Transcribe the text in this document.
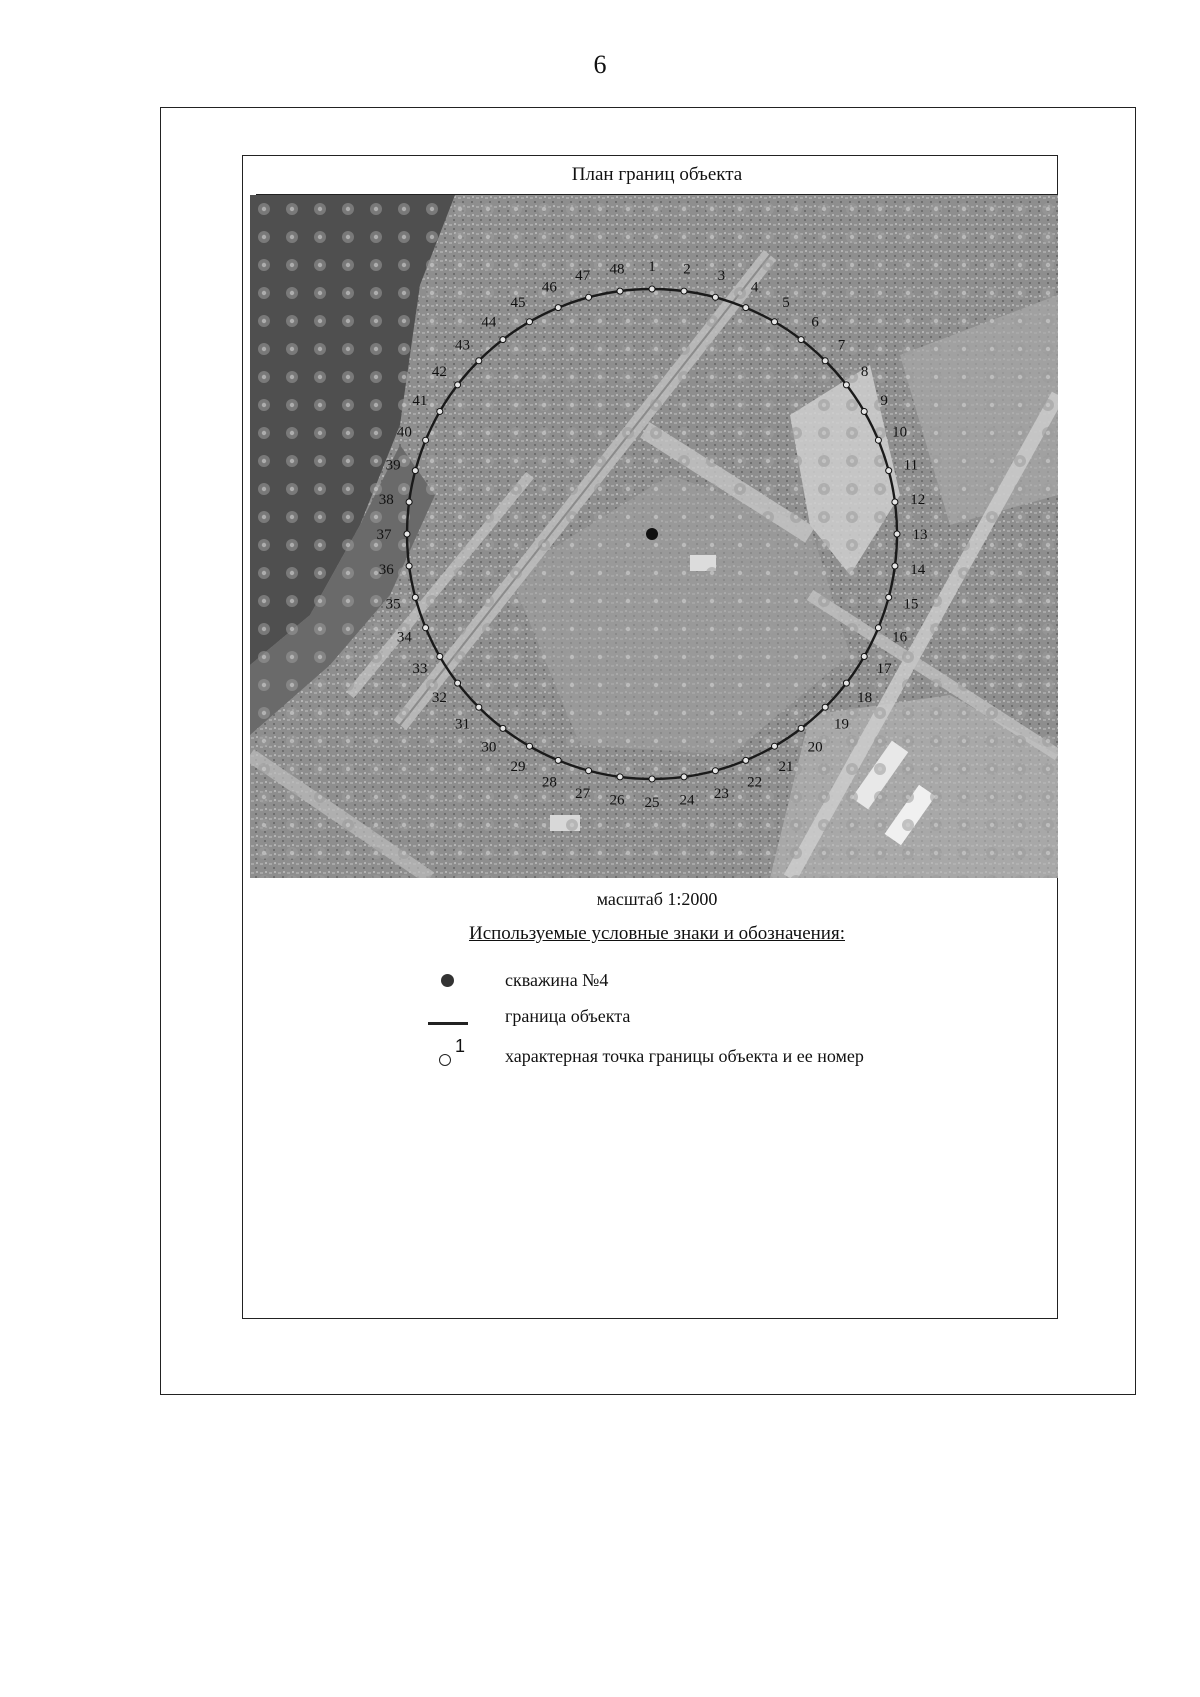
6
План границ объекта
1 2 3
4
5
6
7
8
9
10
11
12
13
14
15
16
17
18
19
20
21
22
23
24
25
26
27
28
29
30
31
32
33
34
35
36
37
38
39
40
41
42
43
44
45
46
47 48
масштаб 1:2000
Используемые условные знаки и обозначения:
скважина №4
граница объекта
1 характерная точка границы объекта и ее номер
